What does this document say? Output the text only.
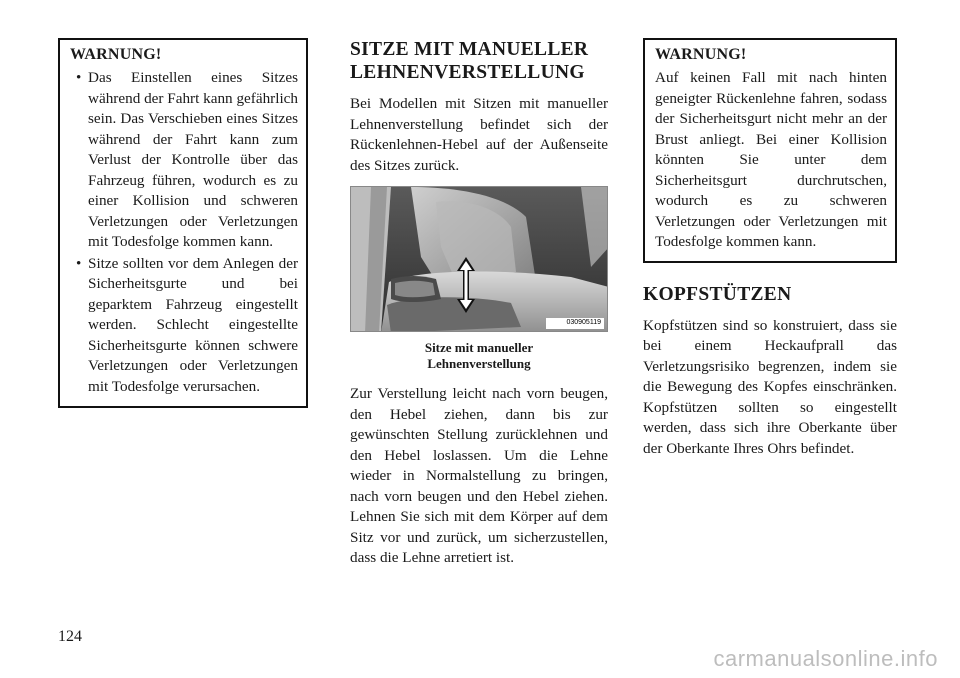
WARNUNG!
• Das Einstellen eines Sitzes während der Fahrt kann gefährlich sein. Das Verschieben eines Sitzes während der Fahrt kann zum Verlust der Kontrolle über das Fahrzeug führen, wodurch es zu einer Kollision und schweren Verletzungen oder Verletzungen mit Todesfolge kommen kann.
• Sitze sollten vor dem Anlegen der Sicherheitsgurte und bei geparktem Fahrzeug eingestellt werden. Schlecht eingestellte Sicherheitsgurte können schwere Verletzungen oder Verletzungen mit Todesfolge verursachen.
SITZE MIT MANUELLER
LEHNENVERSTELLUNG

Bei Modellen mit Sitzen mit manueller Lehnenverstellung befindet sich der Rückenlehnen-Hebel auf der Außenseite des Sitzes zurück.

030905119
Sitze mit manueller
Lehnenverstellung

Zur Verstellung leicht nach vorn beugen, den Hebel ziehen, dann bis zur gewünschten Stellung zurücklehnen und den Hebel loslassen. Um die Lehne wieder in Normalstellung zu bringen, nach vorn beugen und den Hebel ziehen. Lehnen Sie sich mit dem Körper auf dem Sitz vor und zurück, um sicherzustellen, dass die Lehne arretiert ist.

WARNUNG!

Auf keinen Fall mit nach hinten geneigter Rückenlehne fahren, sodass der Sicherheitsgurt nicht mehr an der Brust anliegt. Bei einer Kollision könnten Sie unter dem Sicherheitsgurt durchrutschen, wodurch es zu schweren Verletzungen oder Verletzungen mit Todesfolge kommen kann.

KOPFSTÜTZEN

Kopfstützen sind so konstruiert, dass sie bei einem Heckaufprall das Verletzungsrisiko begrenzen, indem sie die Bewegung des Kopfes einschränken. Kopfstützen sollten so eingestellt werden, dass sich ihre Oberkante über der Oberkante Ihres Ohrs befindet.

124
carmanualsonline.info
